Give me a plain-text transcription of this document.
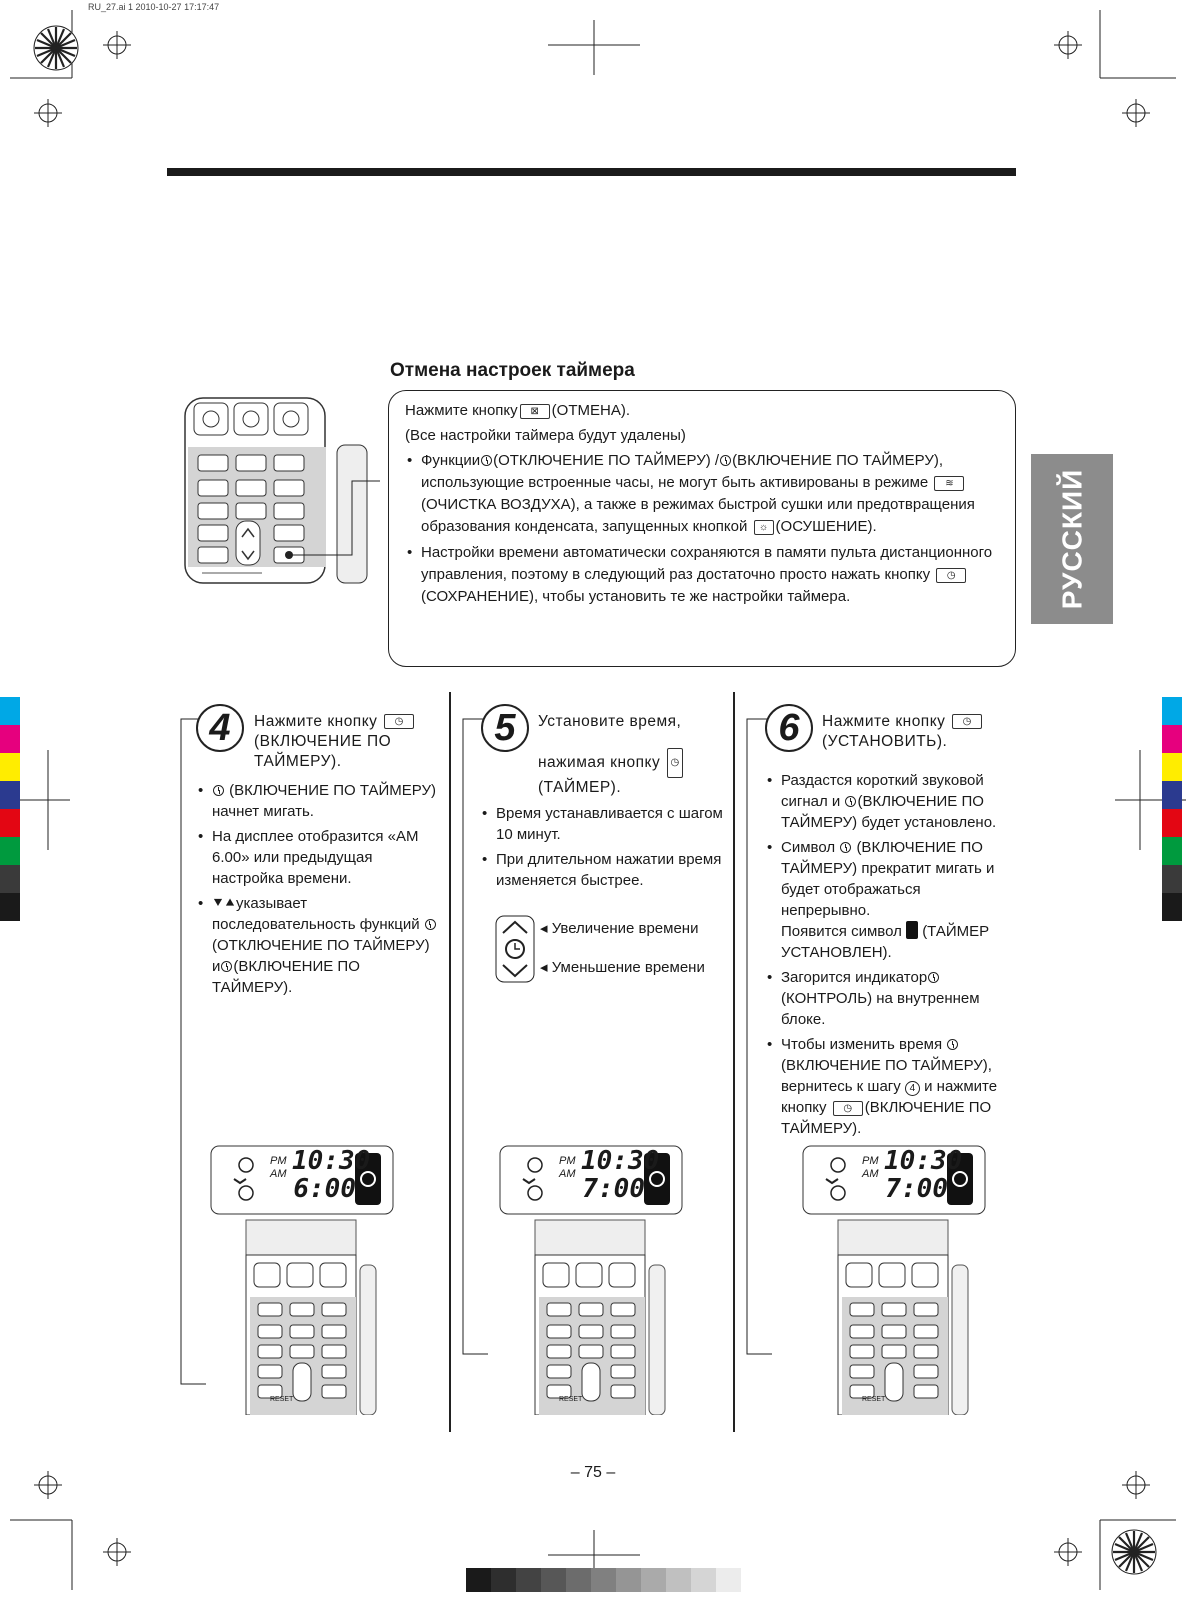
RU_27.ai 1 2010-10-27 17:17:47
Отмена настроек таймера

Нажмите кнопку ⊠ (ОТМЕНА).

(Все настройки таймера будут удалены)

• Функции (ОТКЛЮЧЕНИЕ ПО ТАЙМЕРУ) / (ВКЛЮЧЕНИЕ ПО ТАЙМЕРУ), использующие встроенные часы, не могут быть активированы в режиме ≋(ОЧИСТКА ВОЗДУХА), а также в режимах быстрой сушки или предотвращения образования конденсата, запущенных кнопкой ☼ (ОСУШЕНИЕ).
• Настройки времени автоматически сохраняются в памяти пульта дистанционного управления, поэтому в следующий раз достаточно просто нажать кнопку ◷(СОХРАНЕНИЕ), чтобы установить те же настройки таймера.	РУССКИЙ
4	Нажмите кнопку ◷ (ВКЛЮЧЕНИЕ ПО ТАЙМЕРУ).
• (ВКЛЮЧЕНИЕ ПО ТАЙМЕРУ) начнет мигать.
• На дисплее отобразится «AM 6.00» или предыдущая настройка времени.
• ⯆⯅указывает последовательность функций  (ОТКЛЮЧЕНИЕ ПО ТАЙМЕРУ) и (ВКЛЮЧЕНИЕ ПО ТАЙМЕРУ).
5	Установите время,
нажимая кнопку ◷
(ТАЙМЕР).
• Время устанавливается с шагом 10 минут.
• При длительном нажатии время изменяется быстрее.
◂ Увеличение времени
◂ Уменьшение времени
6	Нажмите кнопку ◷ (УСТАНОВИТЬ).
• Раздастся короткий звуковой сигнал и (ВКЛЮЧЕНИЕ ПО ТАЙМЕРУ) будет установлено.
• Символ (ВКЛЮЧЕНИЕ ПО ТАЙМЕРУ) прекратит мигать и будет отображаться непрерывно.
Появится символ (ТАЙМЕР УСТАНОВЛЕН).
• Загорится индикатор(КОНТРОЛЬ) на внутреннем блоке.
• Чтобы изменить время  (ВКЛЮЧЕНИЕ ПО ТАЙМЕРУ), вернитесь к шагу 4 и нажмите кнопку ◷ (ВКЛЮЧЕНИЕ ПО ТАЙМЕРУ).
PM
AM 10:30
6:00
RESET
PM
AM 10:30
7:00
RESET
PM
AM 10:30
7:00
RESET
– 75 –
